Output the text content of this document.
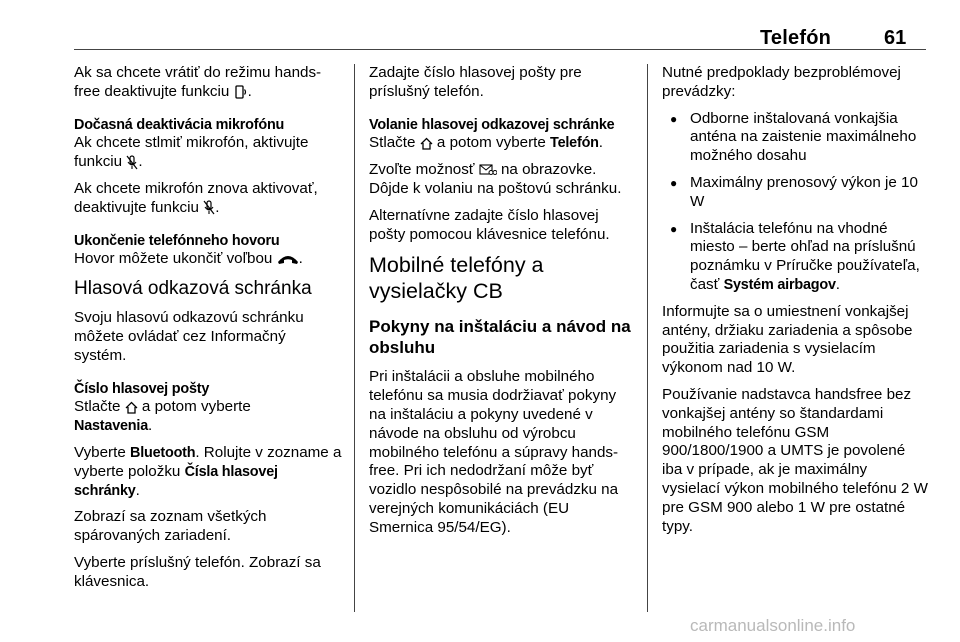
Telefón	61

Ak sa chcete vrátiť do režimu hands-free deaktivujte funkciu .

Dočasná deaktivácia mikrofónu

Ak chcete stlmiť mikrofón, aktivujte funkciu .

Ak chcete mikrofón znova aktivovať, deaktivujte funkciu .

Ukončenie telefónneho hovoru

Hovor môžete ukončiť voľbou .

Hlasová odkazová schránka

Svoju hlasovú odkazovú schránku môžete ovládať cez Informačný systém.

Číslo hlasovej pošty

Stlačte a potom vyberte
Nastavenia.

Vyberte Bluetooth. Rolujte v zozname a vyberte položku Čísla hlasovej schránky.

Zobrazí sa zoznam všetkých spárovaných zariadení.

Vyberte príslušný telefón. Zobrazí sa klávesnica.

Zadajte číslo hlasovej pošty pre príslušný telefón.

Volanie hlasovej odkazovej schránke

Stlačte a potom vyberte Telefón.

Zvoľte možnosť na obrazovke. Dôjde k volaniu na poštovú schránku.

Alternatívne zadajte číslo hlasovej pošty pomocou klávesnice telefónu.

Mobilné telefóny a vysielačky CB
Pokyny na inštaláciu a návod na obsluhu

Pri inštalácii a obsluhe mobilného telefónu sa musia dodržiavať pokyny na inštaláciu a pokyny uvedené v návode na obsluhu od výrobcu mobilného telefónu a súpravy hands-free. Pri ich nedodržaní môže byť vozidlo nespôsobilé na prevádzku na verejných komunikáciách (EU Smernica 95/54/EG).

Nutné predpoklady bezproblémovej prevádzky:

● Odborne inštalovaná vonkajšia anténa na zaistenie maximálneho možného dosahu
● Maximálny prenosový výkon je 10 W
● Inštalácia telefónu na vhodné miesto – berte ohľad na príslušnú poznámku v Príručke používateľa, časť Systém airbagov.

Informujte sa o umiestnení vonkajšej antény, držiaku zariadenia a spôsobe použitia zariadenia s vysielacím výkonom nad 10 W.

Používanie nadstavca handsfree bez vonkajšej antény so štandardami mobilného telefónu GSM 900/1800/1900 a UMTS je povolené iba v prípade, ak je maximálny vysielací výkon mobilného telefónu 2 W pre GSM 900 alebo 1 W pre ostatné typy.

carmanualsonline.info
